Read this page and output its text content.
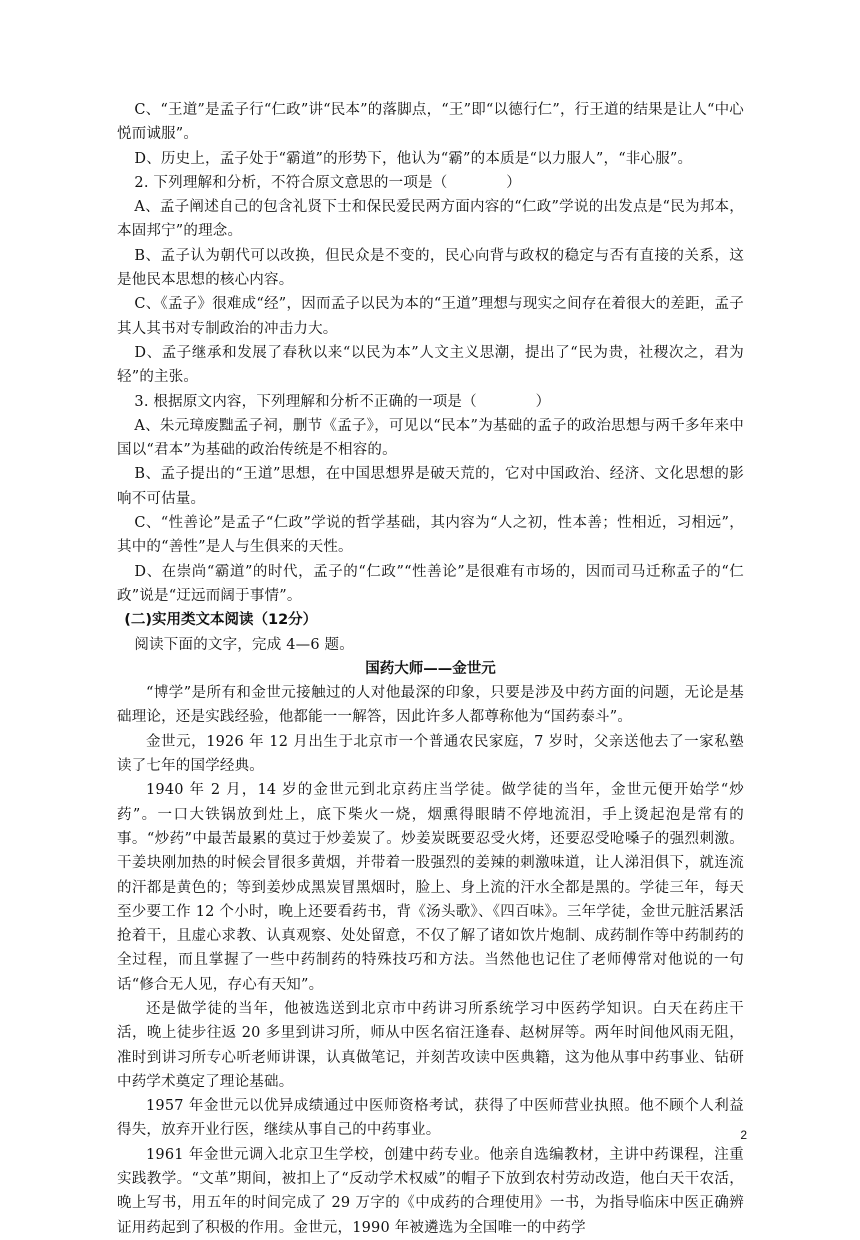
C、“王道”是孟子行“仁政”讲“民本”的落脚点，“王”即“以德行仁”，行王道的结果是让人“中心悦而诚服”。

D、历史上，孟子处于“霸道”的形势下，他认为“霸”的本质是“以力服人”，“非心服”。

2. 下列理解和分析，不符合原文意思的一项是（　　　　）

A、孟子阐述自己的包含礼贤下士和保民爱民两方面内容的“仁政”学说的出发点是“民为邦本，本固邦宁”的理念。

B、孟子认为朝代可以改换，但民众是不变的，民心向背与政权的稳定与否有直接的关系，这是他民本思想的核心内容。

C、《孟子》很难成“经”，因而孟子以民为本的“王道”理想与现实之间存在着很大的差距，孟子其人其书对专制政治的冲击力大。

D、孟子继承和发展了春秋以来“以民为本”人文主义思潮，提出了“民为贵，社稷次之，君为轻”的主张。

3. 根据原文内容，下列理解和分析不正确的一项是（　　　　）

A、朱元璋废黜孟子祠，删节《孟子》，可见以“民本”为基础的孟子的政治思想与两千多年来中国以“君本”为基础的政治传统是不相容的。

B、孟子提出的“王道”思想，在中国思想界是破天荒的，它对中国政治、经济、文化思想的影响不可估量。

C、“性善论”是孟子“仁政”学说的哲学基础，其内容为“人之初，性本善；性相近，习相远”，其中的“善性”是人与生俱来的天性。

D、在崇尚“霸道”的时代，孟子的“仁政”“性善论”是很难有市场的，因而司马迁称孟子的“仁政”说是“迂远而阔于事情”。

(二)实用类文本阅读（12分）

阅读下面的文字，完成 4—6 题。

国药大师——金世元

“博学”是所有和金世元接触过的人对他最深的印象，只要是涉及中药方面的问题，无论是基础理论，还是实践经验，他都能一一解答，因此许多人都尊称他为“国药泰斗”。

金世元，1926 年 12 月出生于北京市一个普通农民家庭，7 岁时，父亲送他去了一家私塾读了七年的国学经典。

1940 年 2 月，14 岁的金世元到北京药庄当学徒。做学徒的当年，金世元便开始学“炒药”。一口大铁锅放到灶上，底下柴火一烧，烟熏得眼睛不停地流泪，手上烫起泡是常有的事。“炒药”中最苦最累的莫过于炒姜炭了。炒姜炭既要忍受火烤，还要忍受呛嗓子的强烈刺激。干姜块刚加热的时候会冒很多黄烟，并带着一股强烈的姜辣的刺激味道，让人涕泪俱下，就连流的汗都是黄色的；等到姜炒成黑炭冒黑烟时，脸上、身上流的汗水全都是黑的。学徒三年，每天至少要工作 12 个小时，晚上还要看药书，背《汤头歌》、《四百味》。三年学徒，金世元脏活累活抢着干，且虚心求教、认真观察、处处留意，不仅了解了诸如饮片炮制、成药制作等中药制药的全过程，而且掌握了一些中药制药的特殊技巧和方法。当然他也记住了老师傅常对他说的一句话“修合无人见，存心有天知”。

还是做学徒的当年，他被选送到北京市中药讲习所系统学习中医药学知识。白天在药庄干活，晚上徒步往返 20 多里到讲习所，师从中医名宿汪逢春、赵树屏等。两年时间他风雨无阻，准时到讲习所专心听老师讲课，认真做笔记，并刻苦攻读中医典籍，这为他从事中药事业、钻研中药学术奠定了理论基础。

1957 年金世元以优异成绩通过中医师资格考试，获得了中医师营业执照。他不顾个人利益得失，放弃开业行医，继续从事自己的中药事业。

1961 年金世元调入北京卫生学校，创建中药专业。他亲自选编教材，主讲中药课程，注重实践教学。“文革”期间，被扣上了“反动学术权威”的帽子下放到农村劳动改造，他白天干农活，晚上写书，用五年的时间完成了 29 万字的《中成药的合理使用》一书，为指导临床中医正确辨证用药起到了积极的作用。金世元，1990 年被遴选为全国唯一的中药学

2
